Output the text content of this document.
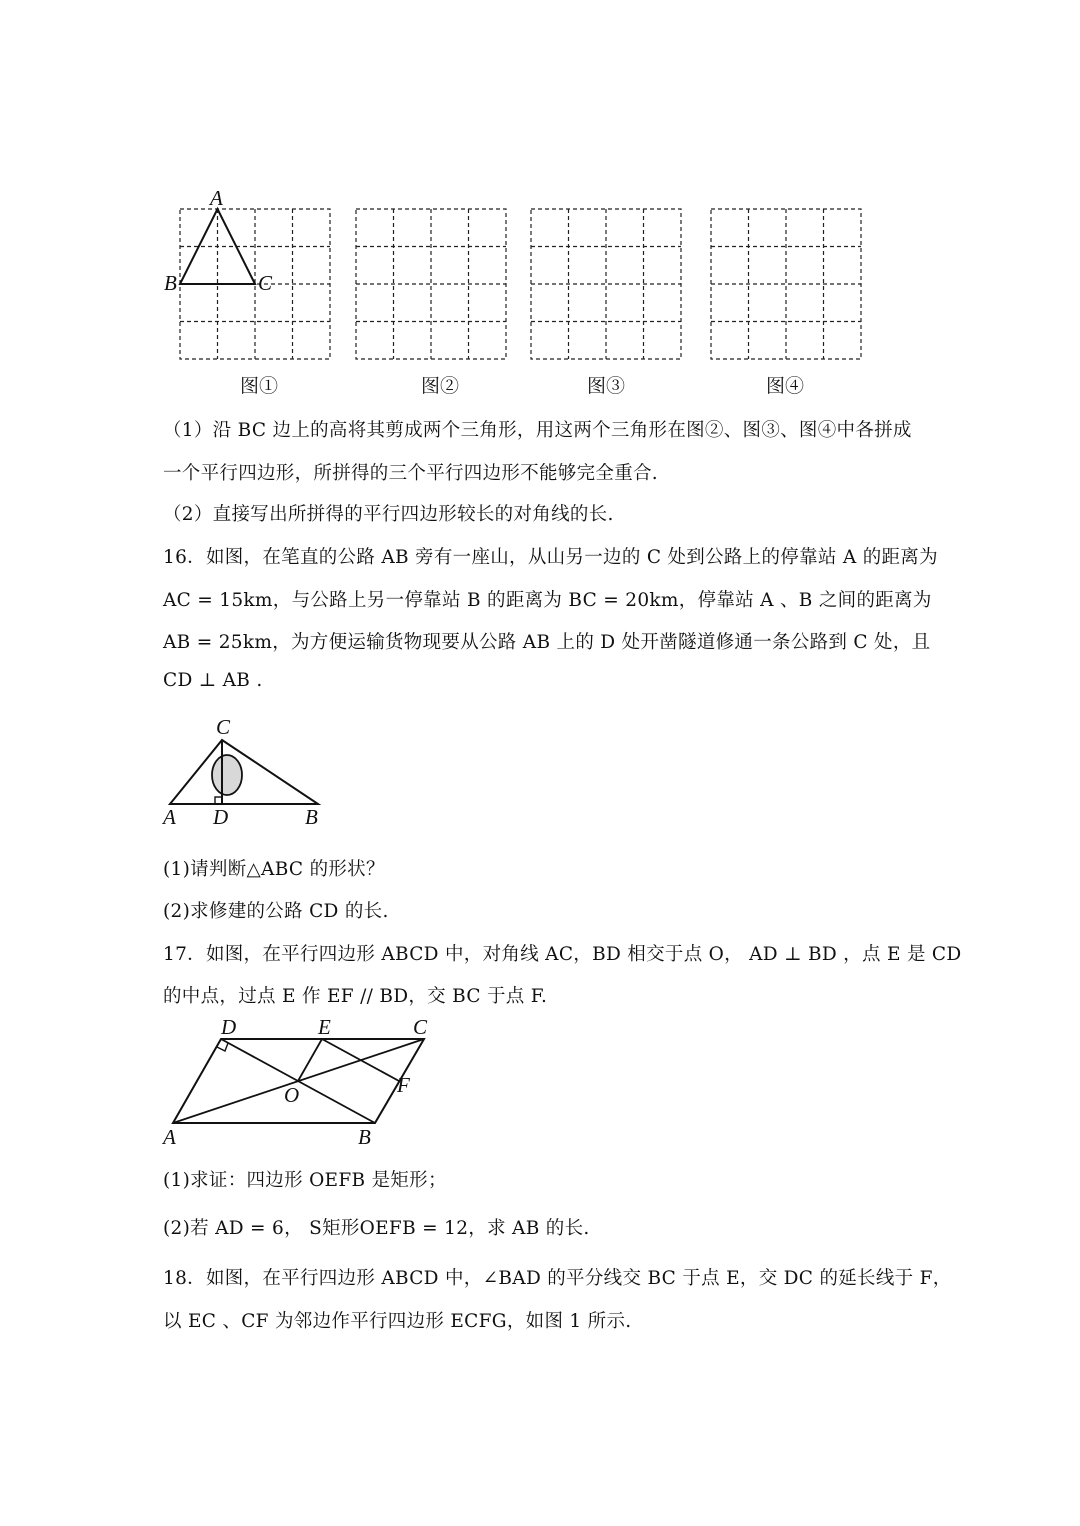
A
B	C
图①	图②	图③	图④
（1）沿 BC 边上的高将其剪成两个三角形，用这两个三角形在图②、图③、图④中各拼成
一个平行四边形，所拼得的三个平行四边形不能够完全重合.
（2）直接写出所拼得的平行四边形较长的对角线的长.
16．如图，在笔直的公路 AB 旁有一座山，从山另一边的 C 处到公路上的停靠站 A 的距离为
AC = 15km，与公路上另一停靠站 B 的距离为 BC = 20km，停靠站 A 、B 之间的距离为
AB = 25km，为方便运输货物现要从公路 AB 上的 D 处开凿隧道修通一条公路到 C 处，且
CD ⊥ AB .
C
A D	B
(1)请判断△ABC 的形状？
(2)求修建的公路 CD 的长.
17．如图，在平行四边形 ABCD 中，对角线 AC，BD 相交于点 O， AD ⊥ BD ，点 E 是 CD
的中点，过点 E 作 EF // BD，交 BC 于点 F.
D	E	C
F
O
A	B
(1)求证：四边形 OEFB 是矩形；
(2)若 AD = 6， S矩形OEFB = 12，求 AB 的长.
18．如图，在平行四边形 ABCD 中，∠BAD 的平分线交 BC 于点 E，交 DC 的延长线于 F，
以 EC 、CF 为邻边作平行四边形 ECFG，如图 1 所示.
